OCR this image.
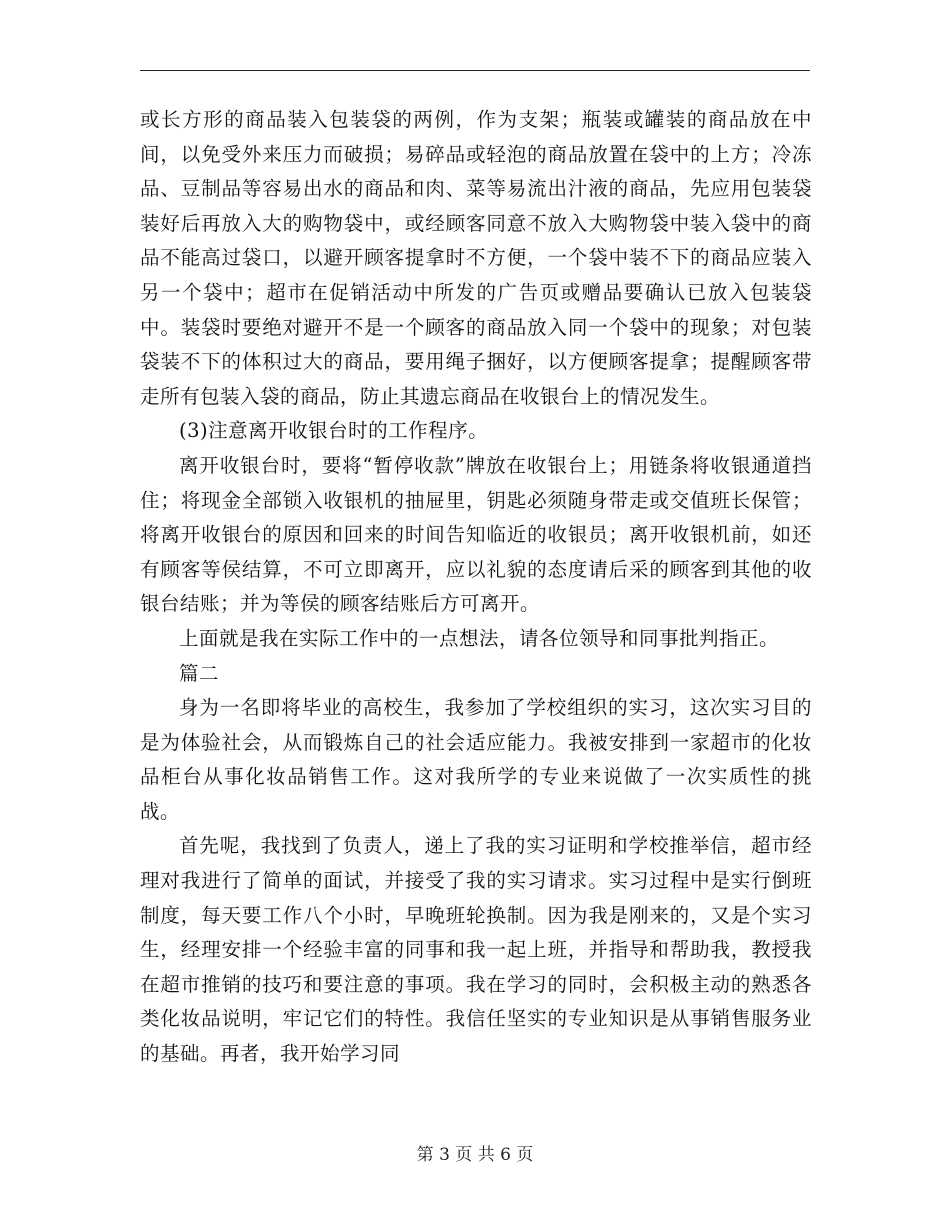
或长方形的商品装入包装袋的两例，作为支架；瓶装或罐装的商品放在中间，以免受外来压力而破损；易碎品或轻泡的商品放置在袋中的上方；冷冻品、豆制品等容易出水的商品和肉、菜等易流出汁液的商品，先应用包装袋装好后再放入大的购物袋中，或经顾客同意不放入大购物袋中装入袋中的商品不能高过袋口，以避开顾客提拿时不方便，一个袋中装不下的商品应装入另一个袋中；超市在促销活动中所发的广告页或赠品要确认已放入包装袋中。装袋时要绝对避开不是一个顾客的商品放入同一个袋中的现象；对包装袋装不下的体积过大的商品，要用绳子捆好，以方便顾客提拿；提醒顾客带走所有包装入袋的商品，防止其遗忘商品在收银台上的情况发生。

(3)注意离开收银台时的工作程序。

离开收银台时，要将“暂停收款”牌放在收银台上；用链条将收银通道挡住；将现金全部锁入收银机的抽屉里，钥匙必须随身带走或交值班长保管；将离开收银台的原因和回来的时间告知临近的收银员；离开收银机前，如还有顾客等侯结算，不可立即离开，应以礼貌的态度请后采的顾客到其他的收银台结账；并为等侯的顾客结账后方可离开。

上面就是我在实际工作中的一点想法，请各位领导和同事批判指正。

篇二

身为一名即将毕业的高校生，我参加了学校组织的实习，这次实习目的是为体验社会，从而锻炼自己的社会适应能力。我被安排到一家超市的化妆品柜台从事化妆品销售工作。这对我所学的专业来说做了一次实质性的挑战。

首先呢，我找到了负责人，递上了我的实习证明和学校推举信，超市经理对我进行了简单的面试，并接受了我的实习请求。实习过程中是实行倒班制度，每天要工作八个小时，早晚班轮换制。因为我是刚来的，又是个实习生，经理安排一个经验丰富的同事和我一起上班，并指导和帮助我，教授我在超市推销的技巧和要注意的事项。我在学习的同时，会积极主动的熟悉各类化妆品说明，牢记它们的特性。我信任坚实的专业知识是从事销售服务业的基础。再者，我开始学习同

第 3 页 共 6 页
